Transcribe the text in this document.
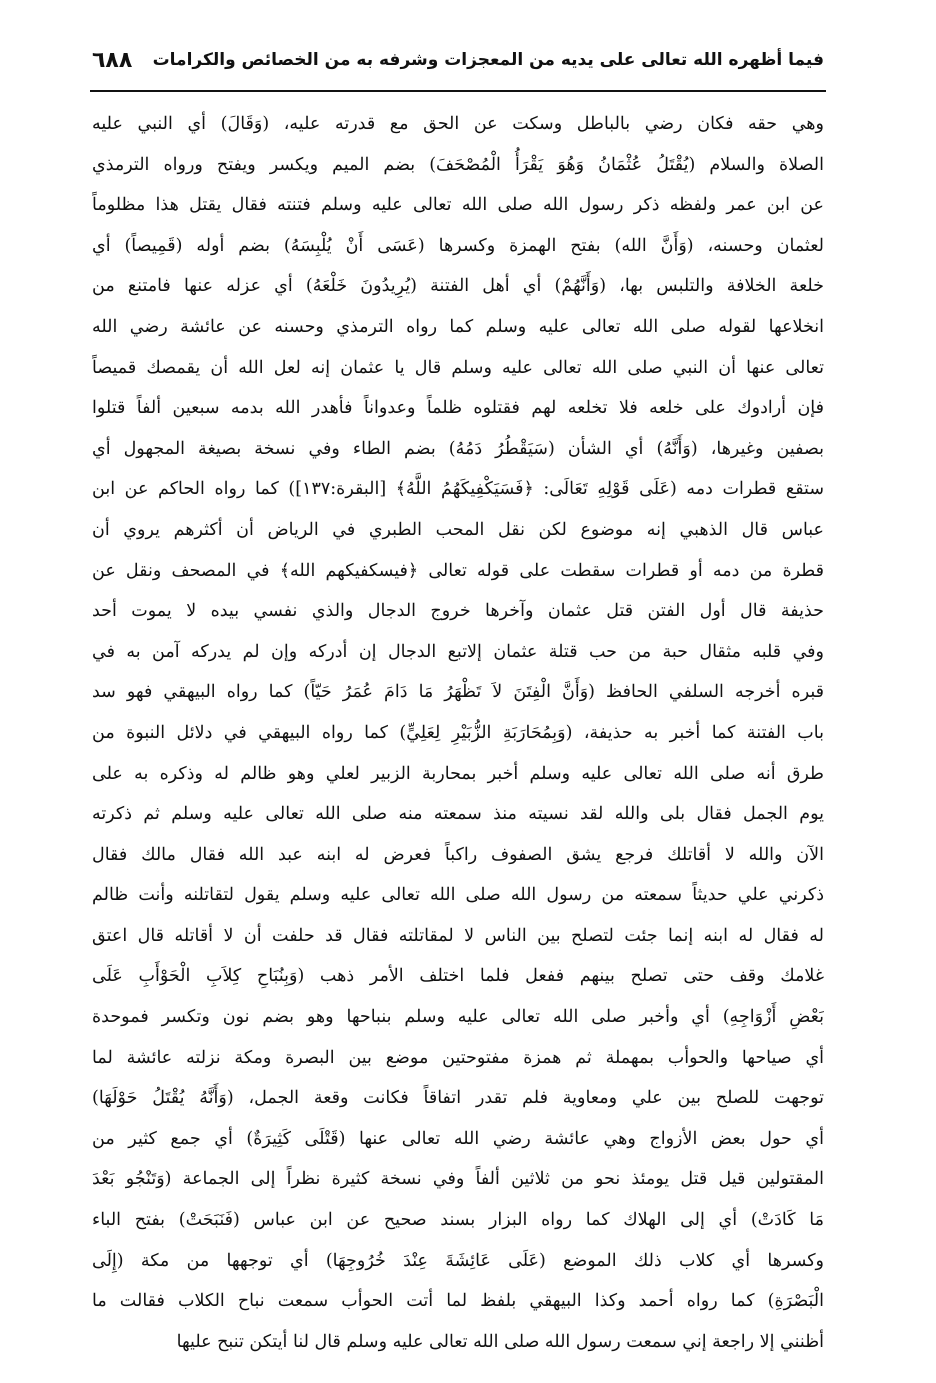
فيما أظهره الله تعالى على يديه من المعجزات وشرفه به من الخصائص والكرامات
٦٨٨
وهي حقه فكان رضي بالباطل وسكت عن الحق مع قدرته عليه، (وَقَالَ) أي النبي عليه
الصلاة والسلام (يُقْتَلُ عُثْمَانُ وَهُوَ يَقْرَأُ الْمُصْحَفَ) بضم الميم ويكسر ويفتح ورواه الترمذي
عن ابن عمر ولفظه ذكر رسول الله صلى الله تعالى عليه وسلم فتنته فقال يقتل هذا مظلوماً
لعثمان وحسنه، (وَأَنَّ الله) بفتح الهمزة وكسرها (عَسَى أَنْ يُلْبِسَهُ) بضم أوله (قَمِيصاً) أي
خلعة الخلافة والتلبس بها، (وَأَنَّهُمْ) أي أهل الفتنة (يُرِيدُونَ خَلْعَهُ) أي عزله عنها فامتنع من
انخلاعها لقوله صلى الله تعالى عليه وسلم كما رواه الترمذي وحسنه عن عائشة رضي الله
تعالى عنها أن النبي صلى الله تعالى عليه وسلم قال يا عثمان إنه لعل الله أن يقمصك قميصاً
فإن أرادوك على خلعه فلا تخلعه لهم فقتلوه ظلماً وعدواناً فأهدر الله بدمه سبعين ألفاً قتلوا
بصفين وغيرها، (وَأَنَّهُ) أي الشأن (سَيَقْطُرُ دَمُهُ) بضم الطاء وفي نسخة بصيغة المجهول أي
ستقع قطرات دمه (عَلَى قَوْلِهِ تَعَالَى: ﴿فَسَيَكْفِيكَهُمُ اللَّهُ﴾ [البقرة:١٣٧]) كما رواه الحاكم عن ابن
عباس قال الذهبي إنه موضوع لكن نقل المحب الطبري في الرياض أن أكثرهم يروي أن
قطرة من دمه أو قطرات سقطت على قوله تعالى ﴿فيسكفيكهم الله﴾ في المصحف ونقل عن
حذيفة قال أول الفتن قتل عثمان وآخرها خروج الدجال والذي نفسي بيده لا يموت أحد
وفي قلبه مثقال حبة من حب قتلة عثمان إلاتبع الدجال إن أدركه وإن لم يدركه آمن به في
قبره أخرجه السلفي الحافظ (وَأَنَّ الْفِتَنَ لاَ تَظْهَرُ مَا دَامَ عُمَرُ حَيّاً) كما رواه البيهقي فهو سد
باب الفتنة كما أخبر به حذيفة، (وَبِمُحَارَبَةِ الزُّبَيْرِ لِعَلِيٍّ) كما رواه البيهقي في دلائل النبوة من
طرق أنه صلى الله تعالى عليه وسلم أخبر بمحاربة الزبير لعلي وهو ظالم له وذكره به على
يوم الجمل فقال بلى والله لقد نسيته منذ سمعته منه صلى الله تعالى عليه وسلم ثم ذكرته
الآن والله لا أقاتلك فرجع يشق الصفوف راكباً فعرض له ابنه عبد الله فقال مالك فقال
ذكرني علي حديثاً سمعته من رسول الله صلى الله تعالى عليه وسلم يقول لتقاتلنه وأنت ظالم
له فقال له ابنه إنما جئت لتصلح بين الناس لا لمقاتلته فقال قد حلفت أن لا أقاتله قال اعتق
غلامك وقف حتى تصلح بينهم ففعل فلما اختلف الأمر ذهب (وَبِنُبَاحِ كِلاَبِ الْحَوْأَبِ عَلَى
بَعْضِ أَزْوَاجِهِ) أي وأخبر صلى الله تعالى عليه وسلم بنباحها وهو بضم نون وتكسر فموحدة
أي صياحها والحوأب بمهملة ثم همزة مفتوحتين موضع بين البصرة ومكة نزلته عائشة لما
توجهت للصلح بين علي ومعاوية فلم تقدر اتفاقاً فكانت وقعة الجمل، (وَأَنَّهُ يُقْتَلُ حَوْلَهَا)
أي حول بعض الأزواج وهي عائشة رضي الله تعالى عنها (قَتْلَى كَثِيرَةٌ) أي جمع كثير من
المقتولين قيل قتل يومئذ نحو من ثلاثين ألفاً وفي نسخة كثيرة نظراً إلى الجماعة (وَتَنْجُو بَعْدَ
مَا كَادَتْ) أي إلى الهلاك كما رواه البزار بسند صحيح عن ابن عباس (فَنَبَحَتْ) بفتح الباء
وكسرها أي كلاب ذلك الموضع (عَلَى عَائِشَةَ عِنْدَ خُرُوجِهَا) أي توجهها من مكة (إِلَى
الْبَصْرَةِ) كما رواه أحمد وكذا البيهقي بلفظ لما أتت الحوأب سمعت نباح الكلاب فقالت ما
أظنني إلا راجعة إني سمعت رسول الله صلى الله تعالى عليه وسلم قال لنا أيتكن تنبح عليها
